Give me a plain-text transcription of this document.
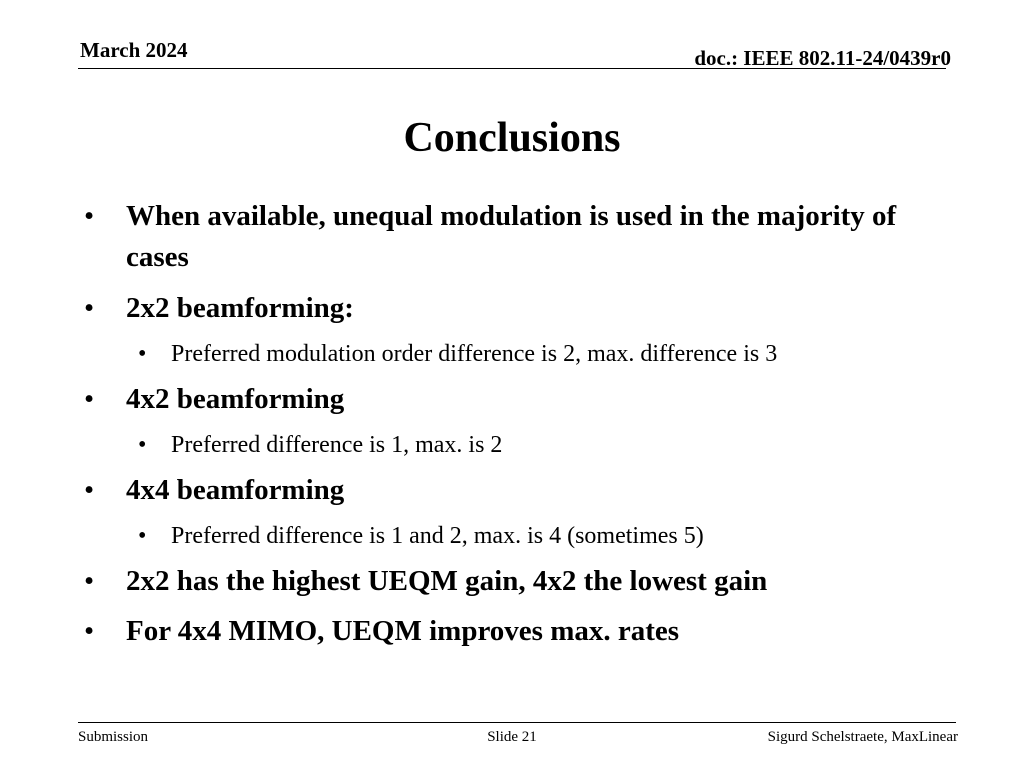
March 2024	doc.: IEEE 802.11-24/0439r0
Conclusions
• When available, unequal modulation is used in the majority of cases
• 2x2 beamforming:
• Preferred modulation order difference is 2, max. difference is 3
• 4x2 beamforming
• Preferred difference is 1, max. is 2
• 4x4 beamforming
• Preferred difference is 1 and 2, max. is 4 (sometimes 5)
• 2x2 has the highest UEQM gain, 4x2 the lowest gain
• For 4x4 MIMO, UEQM improves max. rates
Submission	Slide 21	Sigurd Schelstraete, MaxLinear
